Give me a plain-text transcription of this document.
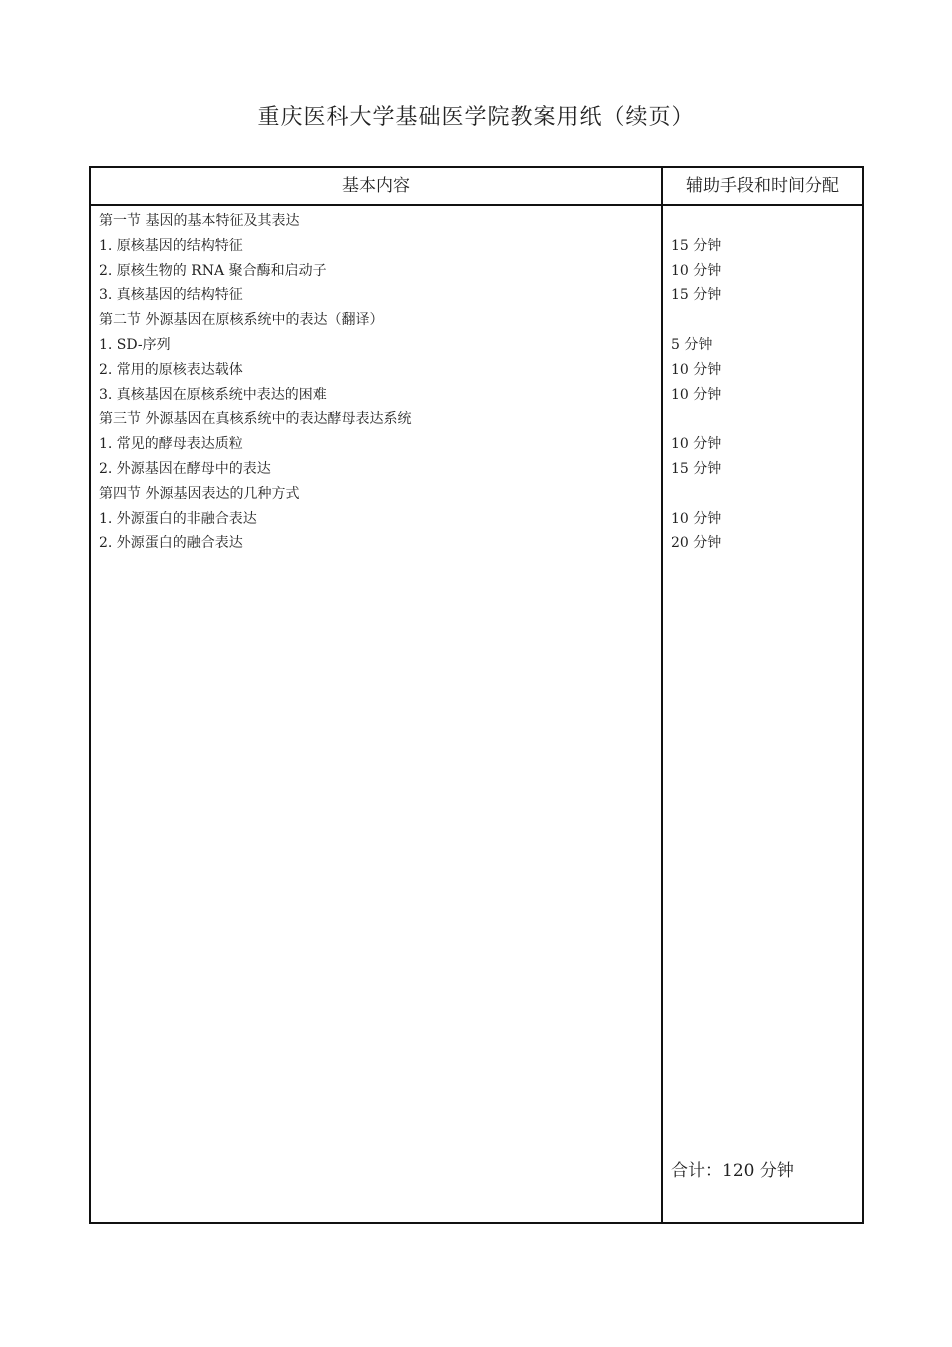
重庆医科大学基础医学院教案用纸（续页）
基本内容	辅助手段和时间分配
第一节 基因的基本特征及其表达
1. 原核基因的结构特征	15 分钟
2. 原核生物的 RNA 聚合酶和启动子	10 分钟
3. 真核基因的结构特征	15 分钟
第二节 外源基因在原核系统中的表达（翻译）
1. SD-序列	5 分钟
2. 常用的原核表达载体	10 分钟
3. 真核基因在原核系统中表达的困难	10 分钟
第三节 外源基因在真核系统中的表达酵母表达系统
1. 常见的酵母表达质粒	10 分钟
2. 外源基因在酵母中的表达	15 分钟
第四节 外源基因表达的几种方式
1. 外源蛋白的非融合表达	10 分钟
2. 外源蛋白的融合表达	20 分钟
合计：120 分钟
